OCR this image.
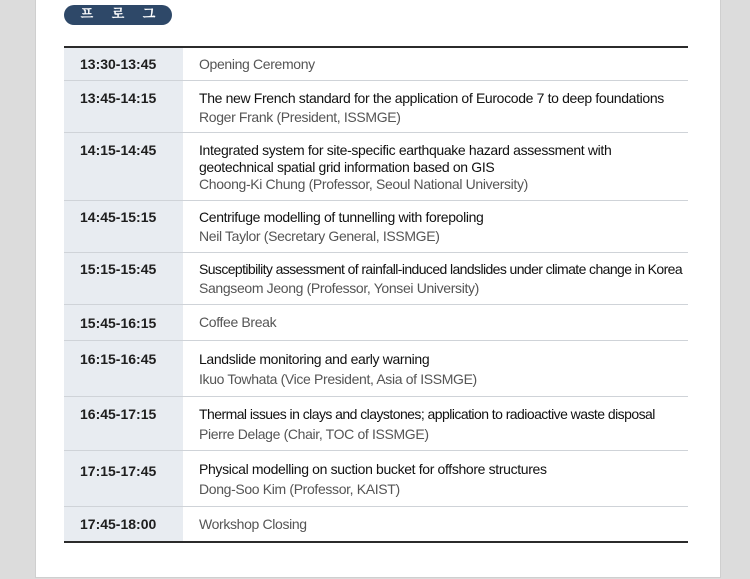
프 로 그 램
13:30-13:45	Opening Ceremony
13:45-14:15	The new French standard for the application of Eurocode 7 to deep foundations
Roger Frank (President, ISSMGE)
14:15-14:45	Integrated system for site-specific earthquake hazard assessment with
geotechnical spatial grid information based on GIS
Choong-Ki Chung (Professor, Seoul National University)
14:45-15:15	Centrifuge modelling of tunnelling with forepoling
Neil Taylor (Secretary General, ISSMGE)
15:15-15:45	Susceptibility assessment of rainfall-induced landslides under climate change in Korea
Sangseom Jeong (Professor, Yonsei University)
15:45-16:15	Coffee Break
16:15-16:45	Landslide monitoring and early warning
Ikuo Towhata (Vice President, Asia of ISSMGE)
16:45-17:15	Thermal issues in clays and claystones; application to radioactive waste disposal
Pierre Delage (Chair, TOC of ISSMGE)
17:15-17:45	Physical modelling on suction bucket for offshore structures
Dong-Soo Kim (Professor, KAIST)
17:45-18:00	Workshop Closing
